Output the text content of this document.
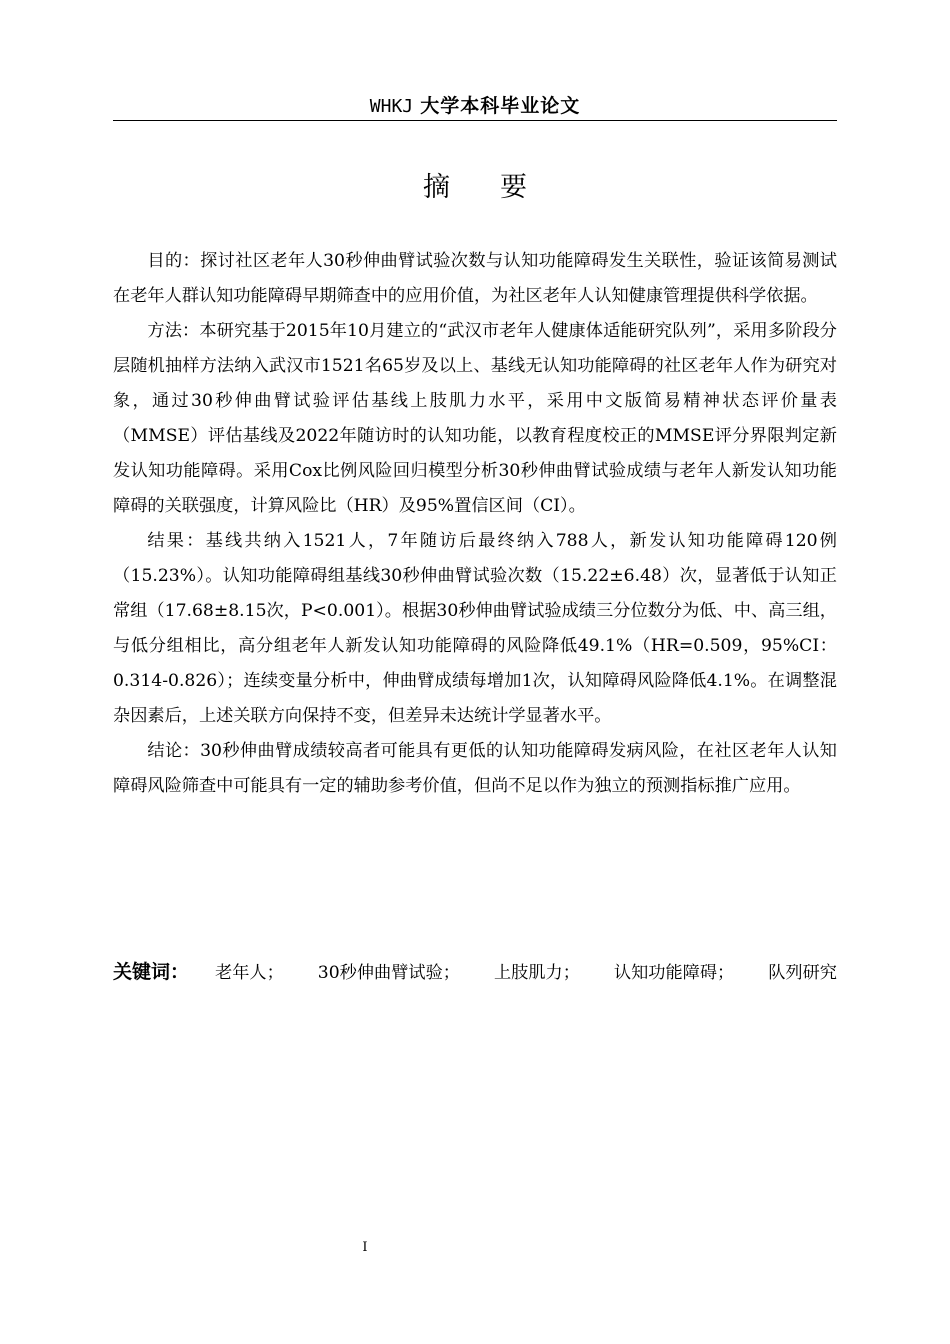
WHKJ 大学本科毕业论文
摘要

目的：探讨社区老年人30秒伸曲臂试验次数与认知功能障碍发生关联性，验证该简易测试在老年人群认知功能障碍早期筛查中的应用价值，为社区老年人认知健康管理提供科学依据。

方法：本研究基于2015年10月建立的“武汉市老年人健康体适能研究队列”，采用多阶段分层随机抽样方法纳入武汉市1521名65岁及以上、基线无认知功能障碍的社区老年人作为研究对象，通过30秒伸曲臂试验评估基线上肢肌力水平，采用中文版简易精神状态评价量表（MMSE）评估基线及2022年随访时的认知功能，以教育程度校正的MMSE评分界限判定新发认知功能障碍。采用Cox比例风险回归模型分析30秒伸曲臂试验成绩与老年人新发认知功能障碍的关联强度，计算风险比（HR）及95%置信区间（CI）。

结果：基线共纳入1521人，7年随访后最终纳入788人，新发认知功能障碍120例（15.23%）。认知功能障碍组基线30秒伸曲臂试验次数（15.22±6.48）次，显著低于认知正常组（17.68±8.15次，P<0.001）。根据30秒伸曲臂试验成绩三分位数分为低、中、高三组，与低分组相比，高分组老年人新发认知功能障碍的风险降低49.1%（HR=0.509，95%CI：0.314-0.826）；连续变量分析中，伸曲臂成绩每增加1次，认知障碍风险降低4.1%。在调整混杂因素后，上述关联方向保持不变，但差异未达统计学显著水平。

结论：30秒伸曲臂成绩较高者可能具有更低的认知功能障碍发病风险，在社区老年人认知障碍风险筛查中可能具有一定的辅助参考价值，但尚不足以作为独立的预测指标推广应用。

关键词： 老年人； 30秒伸曲臂试验； 上肢肌力； 认知功能障碍； 队列研究
I
